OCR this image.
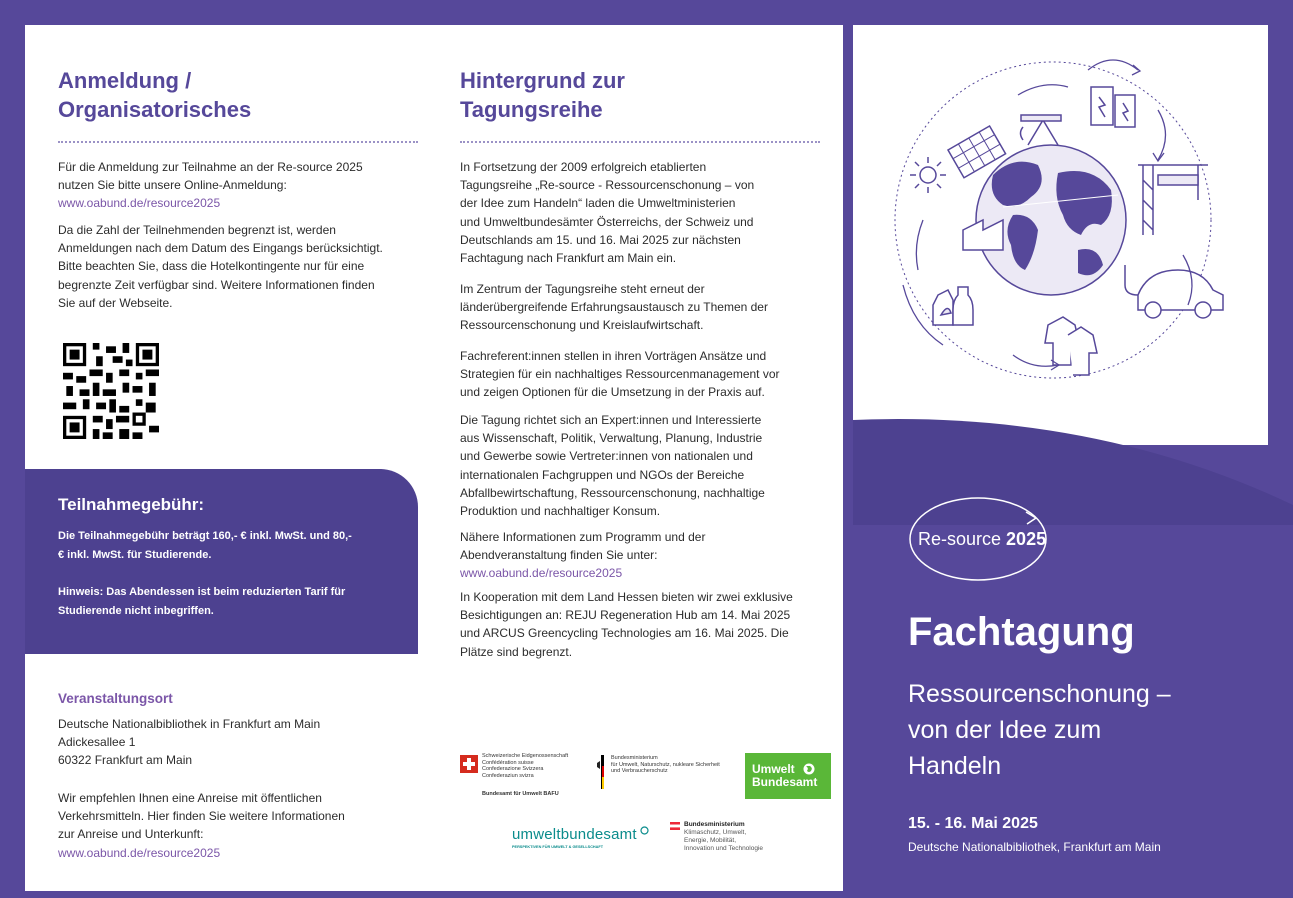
Anmeldung /
Organisatorisches
Für die Anmeldung zur Teilnahme an der Re-source 2025
nutzen Sie bitte unsere Online-Anmeldung:
www.oabund.de/resource2025
Da die Zahl der Teilnehmenden begrenzt ist, werden
Anmeldungen nach dem Datum des Eingangs berücksichtigt.
Bitte beachten Sie, dass die Hotelkontingente nur für eine
begrenzte Zeit verfügbar sind. Weitere Informationen finden
Sie auf der Webseite.
Teilnahmegebühr:
Die Teilnahmegebühr beträgt 160,- € inkl. MwSt. und 80,-
€ inkl. MwSt. für Studierende.
Hinweis: Das Abendessen ist beim reduzierten Tarif für
Studierende nicht inbegriffen.
Veranstaltungsort
Deutsche Nationalbibliothek in Frankfurt am Main
Adickesallee 1
60322 Frankfurt am Main
Wir empfehlen Ihnen eine Anreise mit öffentlichen
Verkehrsmitteln. Hier finden Sie weitere Informationen
zur Anreise und Unterkunft:
www.oabund.de/resource2025
Hintergrund zur
Tagungsreihe
In Fortsetzung der 2009 erfolgreich etablierten
Tagungsreihe „Re-source - Ressourcenschonung – von
der Idee zum Handeln“ laden die Umweltministerien
und Umweltbundesämter Österreichs, der Schweiz und
Deutschlands am 15. und 16. Mai 2025 zur nächsten
Fachtagung nach Frankfurt am Main ein.
Im Zentrum der Tagungsreihe steht erneut der
länderübergreifende Erfahrungsaustausch zu Themen der
Ressourcenschonung und Kreislaufwirtschaft.
Fachreferent:innen stellen in ihren Vorträgen Ansätze und
Strategien für ein nachhaltiges Ressourcenmanagement vor
und zeigen Optionen für die Umsetzung in der Praxis auf.
Die Tagung richtet sich an Expert:innen und Interessierte
aus Wissenschaft, Politik, Verwaltung, Planung, Industrie
und Gewerbe sowie Vertreter:innen von nationalen und
internationalen Fachgruppen und NGOs der Bereiche
Abfallbewirtschaftung, Ressourcenschonung, nachhaltige
Produktion und nachhaltiger Konsum.
Nähere Informationen zum Programm und der
Abendveranstaltung finden Sie unter:
www.oabund.de/resource2025
In Kooperation mit dem Land Hessen bieten wir zwei exklusive
Besichtigungen an: REJU Regeneration Hub am 14. Mai 2025
und ARCUS Greencycling Technologies am 16. Mai 2025. Die
Plätze sind begrenzt.
Schweizerische Eidgenossenschaft
Confédération suisse
Confederazione Svizzera
Confederaziun svizra
Bundesamt für Umwelt BAFU
Bundesministerium
für Umwelt, Naturschutz, nukleare Sicherheit
und Verbraucherschutz	Umwelt
Bundesamt
umweltbundesamt
PERSPEKTIVEN FÜR UMWELT & GESELLSCHAFT
Bundesministerium
Klimaschutz, Umwelt,
Energie, Mobilität,
Innovation und Technologie
Re-source 2025
Fachtagung
Ressourcenschonung –
von der Idee zum
Handeln
15. - 16. Mai 2025
Deutsche Nationalbibliothek, Frankfurt am Main
